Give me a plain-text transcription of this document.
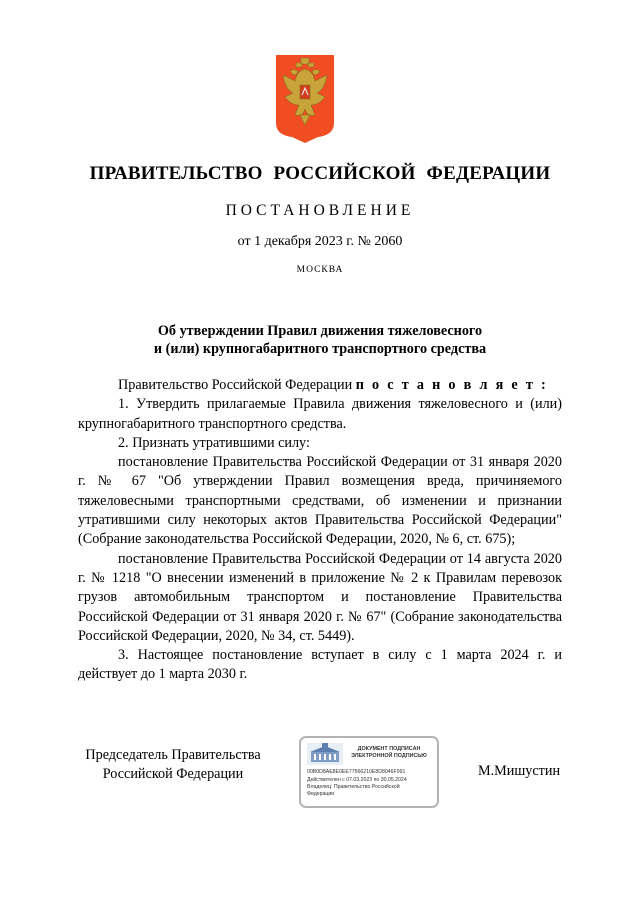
ПРАВИТЕЛЬСТВО РОССИЙСКОЙ ФЕДЕРАЦИИ
ПОСТАНОВЛЕНИЕ
от 1 декабря 2023 г. № 2060
МОСКВА
Об утверждении Правил движения тяжеловесного
и (или) крупногабаритного транспортного средства

Правительство Российской Федерации п о с т а н о в л я е т :

1. Утвердить прилагаемые Правила движения тяжеловесного и (или) крупногабаритного транспортного средства.

2. Признать утратившими силу:

постановление Правительства Российской Федерации от 31 января 2020 г. № 67 "Об утверждении Правил возмещения вреда, причиняемого тяжеловесными транспортными средствами, об изменении и признании утратившими силу некоторых актов Правительства Российской Федерации" (Собрание законодательства Российской Федерации, 2020, № 6, ст. 675);

постановление Правительства Российской Федерации от 14 августа 2020 г. № 1218 "О внесении изменений в приложение № 2 к Правилам перевозок грузов автомобильным транспортом и постановление Правительства Российской Федерации от 31 января 2020 г. № 67" (Собрание законодательства Российской Федерации, 2020, № 34, ст. 5449).

3. Настоящее постановление вступает в силу с 1 марта 2024 г. и действует до 1 марта 2030 г.

Председатель Правительства
Российской Федерации
ДОКУМЕНТ ПОДПИСАН
ЭЛЕКТРОННОЙ ПОДПИСЬЮ
00B0D8AE8E0EE77566210E8D8046F991
Действителен с 07.03.2023 по 30.05.2024
Владелец: Правительство Российской
Федерации
М.Мишустин
